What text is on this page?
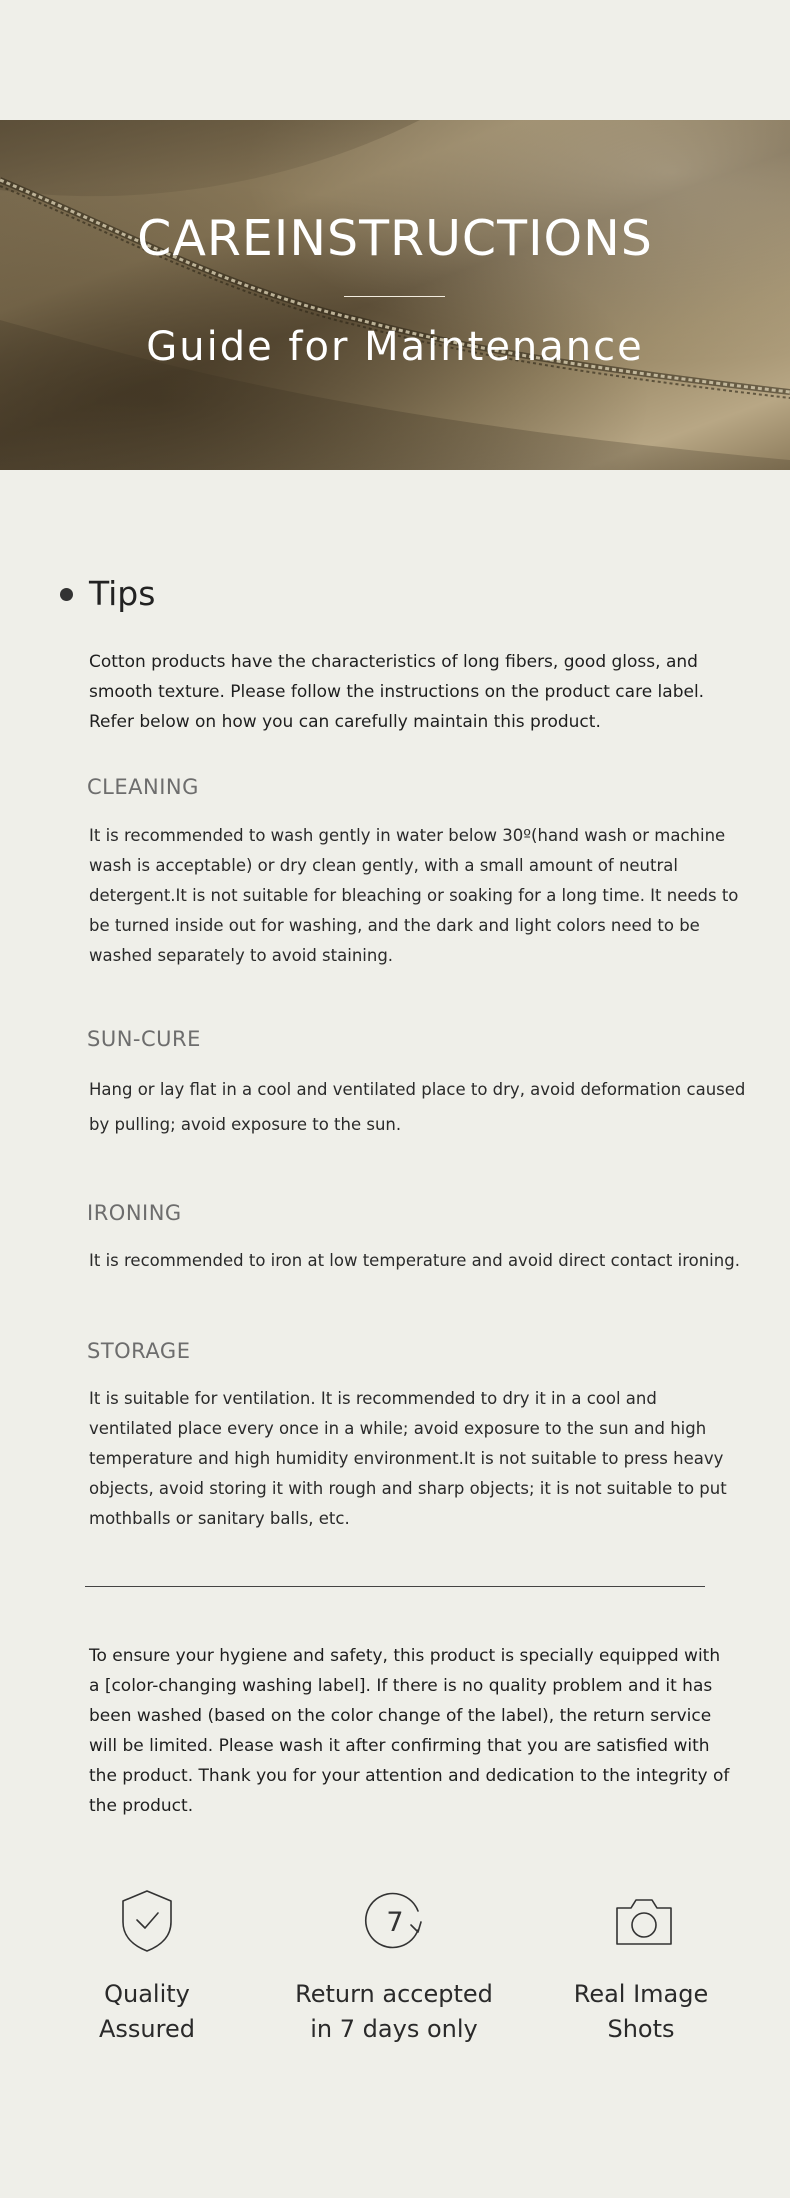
CAREINSTRUCTIONS
Guide for Maintenance
Tips
Cotton products have the characteristics of long fibers, good gloss, and smooth texture. Please follow the instructions on the product care label. Refer below on how you can carefully maintain this product.
CLEANING
It is recommended to wash gently in water below 30º(hand wash or machine wash is acceptable) or dry clean gently, with a small amount of neutral detergent.It is not suitable for bleaching or soaking for a long time. It needs to be turned inside out for washing, and the dark and light colors need to be washed separately to avoid staining.
SUN-CURE
Hang or lay flat in a cool and ventilated place to dry, avoid deformation caused by pulling; avoid exposure to the sun.
IRONING
It is recommended to iron at low temperature and avoid direct contact ironing.
STORAGE
It is suitable for ventilation. It is recommended to dry it in a cool and ventilated place every once in a while; avoid exposure to the sun and high temperature and high humidity environment.It is not suitable to press heavy objects, avoid storing it with rough and sharp objects; it is not suitable to put mothballs or sanitary balls, etc.
To ensure your hygiene and safety, this product is specially equipped with a [color-changing washing label]. If there is no quality problem and it has been washed (based on the color change of the label), the return service will be limited. Please wash it after confirming that you are satisfied with the product. Thank you for your attention and dedication to the integrity of the product.
Quality
Assured
7
Return accepted
in 7 days only
Real Image
Shots
